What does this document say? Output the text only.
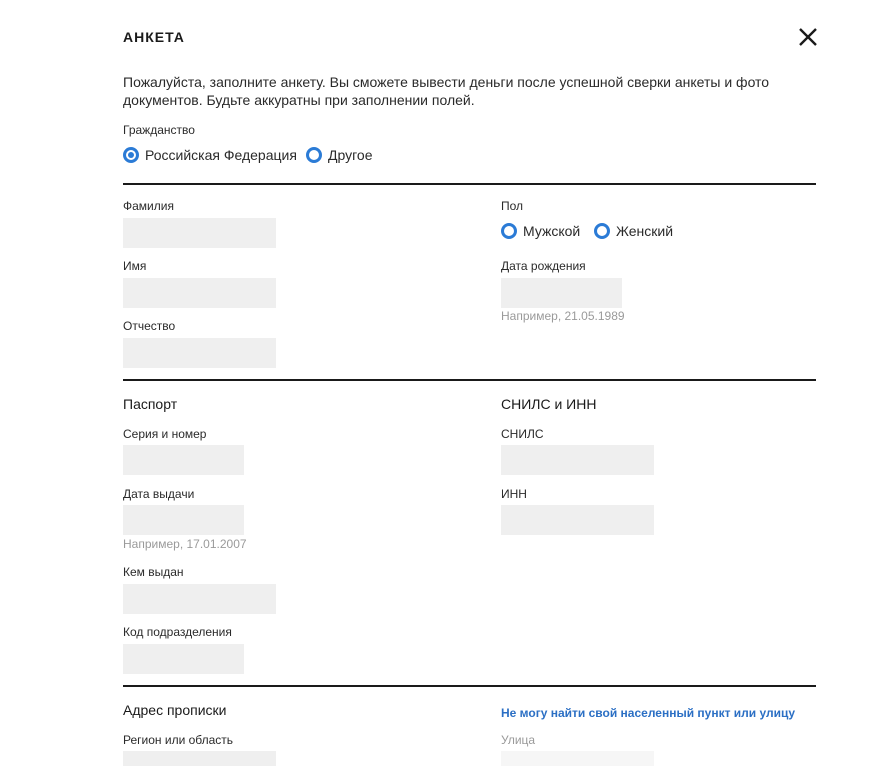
АНКЕТА
Пожалуйста, заполните анкету. Вы сможете вывести деньги после успешной сверки анкеты и фото
документов. Будьте аккуратны при заполнении полей.
Гражданство
Российская Федерация Другое
Фамилия
Имя
Отчество
Пол
Мужской	Женский
Дата рождения
Например, 21.05.1989
Паспорт
Серия и номер
Дата выдачи
Например, 17.01.2007
Кем выдан
Код подразделения
СНИЛС и ИНН
СНИЛС
ИНН
Адрес прописки	Не могу найти свой населенный пункт или улицу
Регион или область	Улица
